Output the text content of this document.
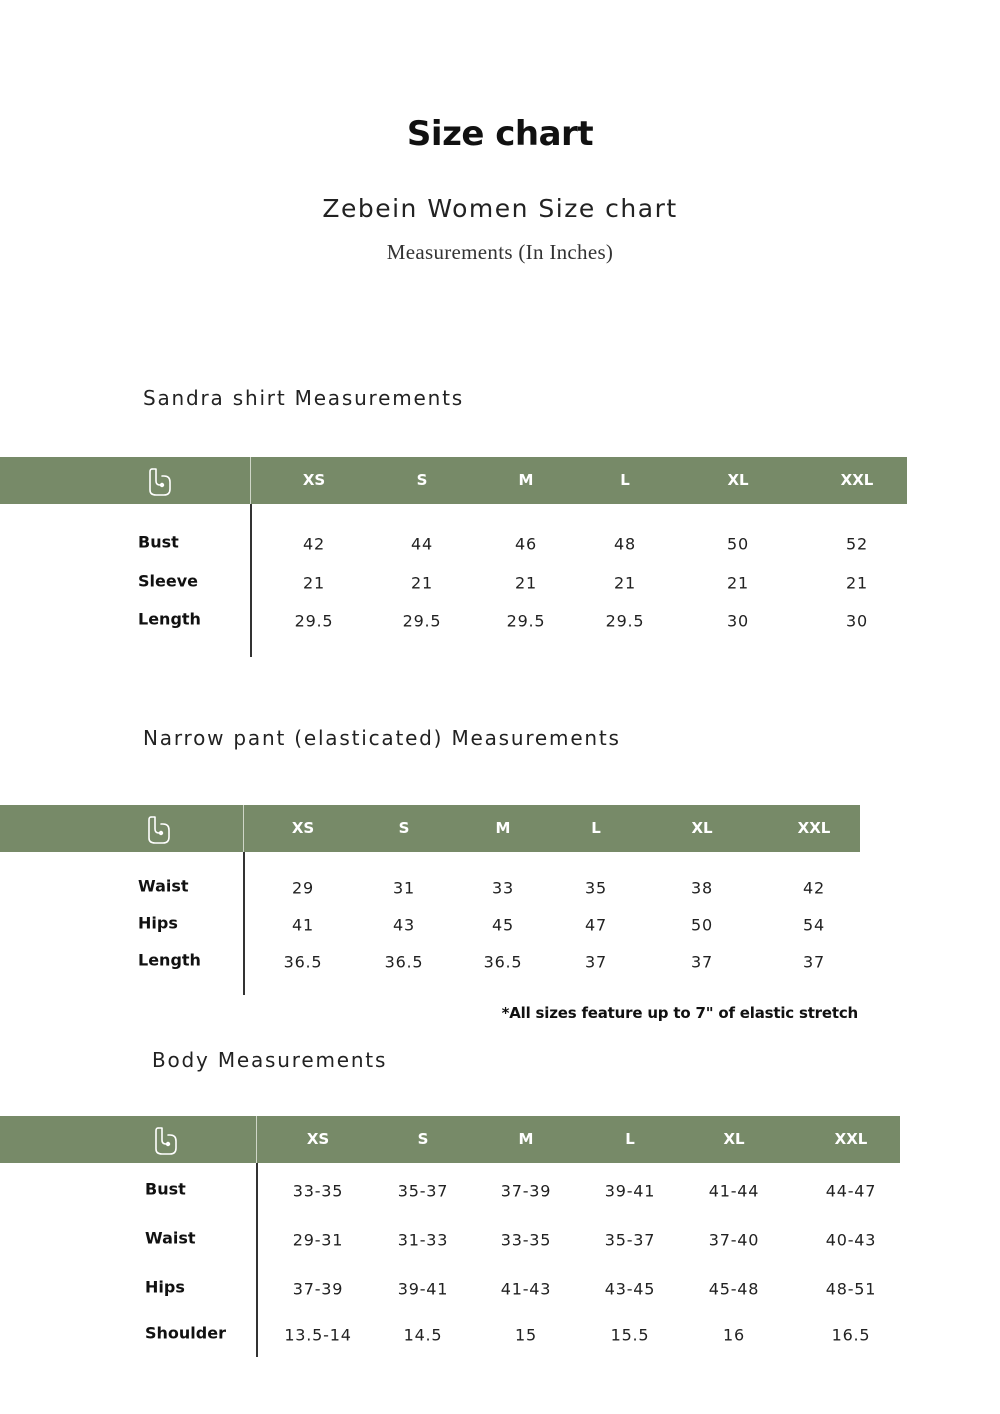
Size chart
Zebein Women Size chart
Measurements (In Inches)
Sandra shirt Measurements
XS	S	M	L	XL	XXL
Bust	42	44	46	48	50	52
Sleeve	21	21	21	21	21	21
Length	29.5	29.5	29.5	29.5	30	30
Narrow pant (elasticated) Measurements
XS	S	M	L	XL	XXL
Waist	29	31	33	35	38	42
Hips	41	43	45	47	50	54
Length	36.5	36.5	36.5	37	37	37
Body Measurements
XS	S	M	L	XL	XXL
Bust	33-35	35-37	37-39	39-41	41-44	44-47
Waist	29-31	31-33	33-35	35-37	37-40	40-43
Hips	37-39	39-41	41-43	43-45	45-48	48-51
Shoulder	13.5-14	14.5	15	15.5	16	16.5
*All sizes feature up to 7" of elastic stretch
